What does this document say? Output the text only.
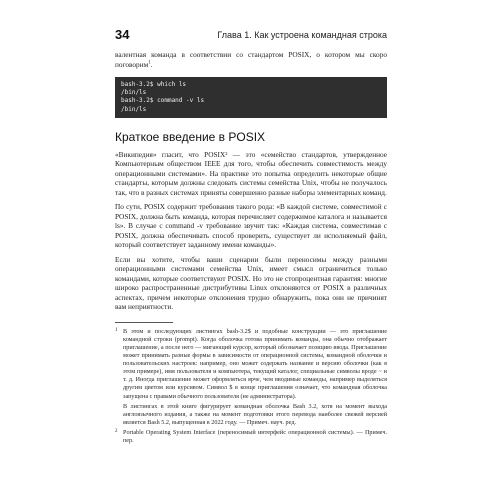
34	Глава 1. Как устроена командная строка

валентная команда в соответствии со стандартом POSIX, о котором мы скоро поговорим$^1$.

bash-3.2$ which ls
/bin/ls
bash-3.2$ command -v ls
/bin/ls
Краткое введение в POSIX

«Википедия» гласит, что POSIX² — это «семейство стандартов, утвержденное Компьютерным обществом IEEE для того, чтобы обеспечить совместимость между операционными системами». На практике это попытка определить некоторые общие стандарты, которым должны следовать системы семейства Unix, чтобы не получалось так, что в разных системах приняты совершенно разные наборы элементарных команд.

По сути, POSIX содержит требования такого рода: «В каждой системе, совместимой с POSIX, должна быть команда, которая перечисляет содержимое каталога и называется ls». В случае с command -v требование звучит так: «Каждая система, совместимая с POSIX, должна обеспечивать способ проверить, существует ли исполняемый файл, который соответствует заданному имени команды».

Если вы хотите, чтобы ваши сценарии были переносимы между разными операционными системами семейства Unix, имеет смысл ограничиться только командами, которые соответствуют POSIX. Но это не стопроцентная гарантия: многие широко распространенные дистрибутивы Linux отклоняются от POSIX в различных аспектах, причем некоторые отклонения трудно обнаружить, пока они не причинят вам неприятности.

1 В этом и последующих листингах bash-3.2$ и подобные конструкции — это приглашение командной строки (prompt). Когда оболочка готова принимать команды, она обычно отображает приглашение, а после него — мигающий курсор, который обозначает позицию ввода. Приглашение может принимать разные формы в зависимости от операционной системы, командной оболочки и пользовательских настроек: например, оно может содержать название и версию оболочки (как в этом примере), имя пользователя и компьютера, текущий каталог, специальные символы вроде ~ и т. д. Иногда приглашение может оформляться ярче, чем вводимые команды, например выделяться другим цветом или курсивом. Символ $ в конце приглашения означает, что командная оболочка запущена с правами обычного пользователя (не администратора).

В листингах в этой книге фигурирует командная оболочка Bash 3.2, хотя на момент выхода англоязычного издания, а также на момент подготовки этого перевода наиболее свежей версией является Bash 5.2, выпущенная в 2022 году. — Примеч. науч. ред.

2 Portable Operating System Interface (переносимый интерфейс операционной системы). — Примеч. пер.
